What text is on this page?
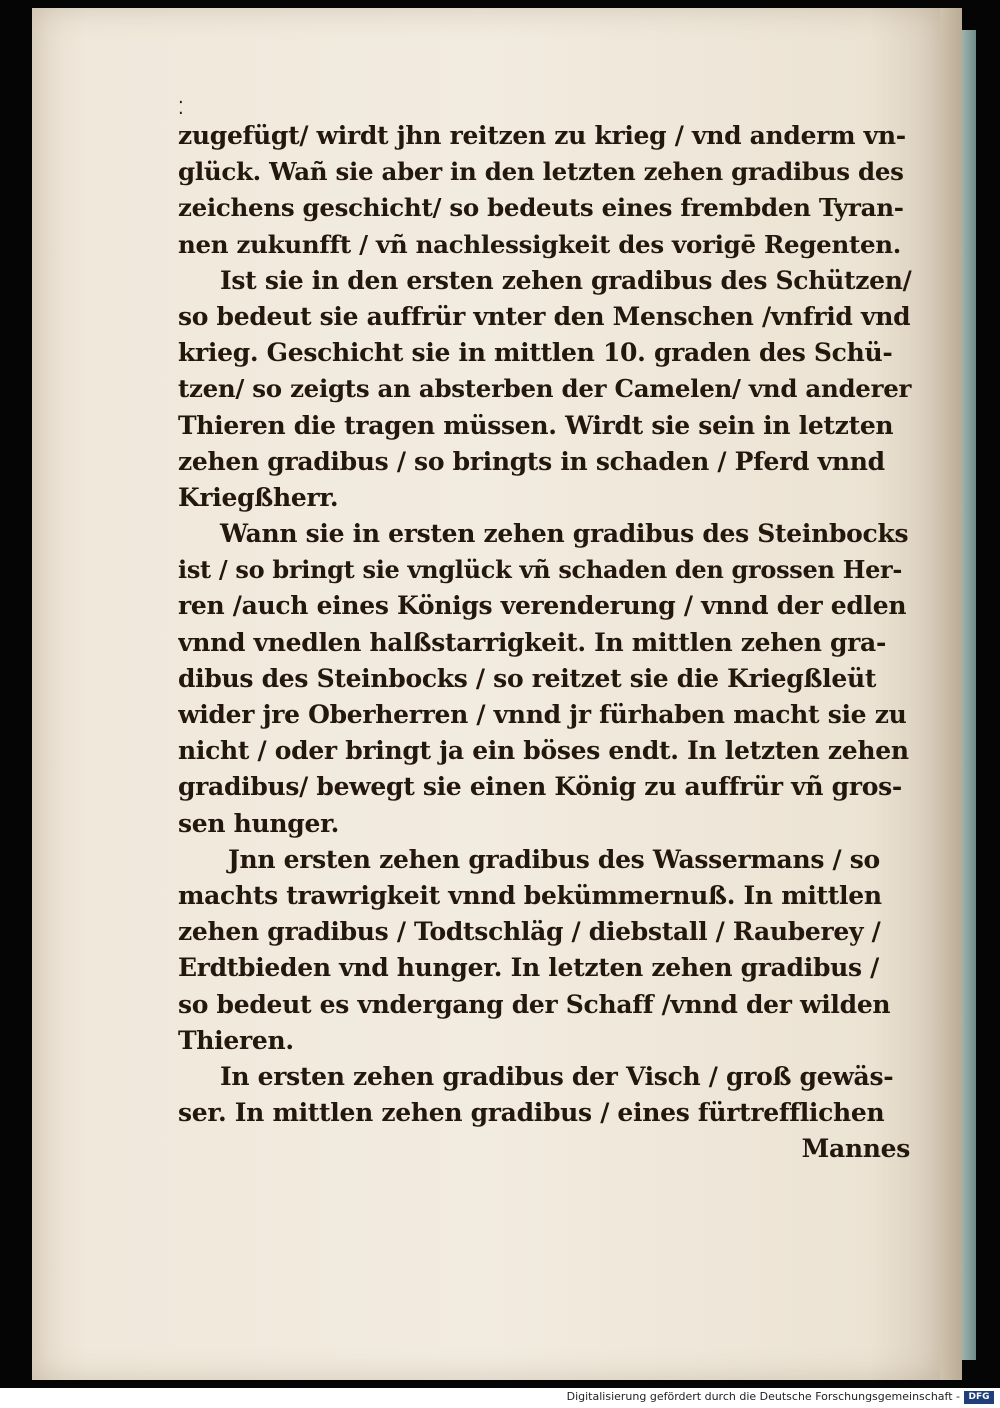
⁚
zugefügt/ wirdt jhn reitzen zu krieg / vnd anderm vn-
glück. Wañ sie aber in den letzten zehen gradibus des
zeichens geschicht/ so bedeuts eines frembden Tyran-
nen zukunfft / vñ nachlessigkeit des vorigē Regenten.
Ist sie in den ersten zehen gradibus des Schützen/
so bedeut sie auffrür vnter den Menschen /vnfrid vnd
krieg. Geschicht sie in mittlen 10. graden des Schü-
tzen/ so zeigts an absterben der Camelen/ vnd anderer
Thieren die tragen müssen. Wirdt sie sein in letzten
zehen gradibus / so bringts in schaden / Pferd vnnd
Kriegßherr.
Wann sie in ersten zehen gradibus des Steinbocks
ist / so bringt sie vnglück vñ schaden den grossen Her-
ren /auch eines Königs verenderung / vnnd der edlen
vnnd vnedlen halßstarrigkeit. In mittlen zehen gra-
dibus des Steinbocks / so reitzet sie die Kriegßleüt
wider jre Oberherren / vnnd jr fürhaben macht sie zu
nicht / oder bringt ja ein böses endt. In letzten zehen
gradibus/ bewegt sie einen König zu auffrür vñ gros-
sen hunger.
Jnn ersten zehen gradibus des Wassermans / so
machts trawrigkeit vnnd bekümmernuß. In mittlen
zehen gradibus / Todtschläg / diebstall / Rauberey /
Erdtbieden vnd hunger. In letzten zehen gradibus /
so bedeut es vndergang der Schaff /vnnd der wilden
Thieren.
In ersten zehen gradibus der Visch / groß gewäs-
ser. In mittlen zehen gradibus / eines fürtrefflichen
Mannes
Digitalisierung gefördert durch die Deutsche Forschungsgemeinschaft - DFG
